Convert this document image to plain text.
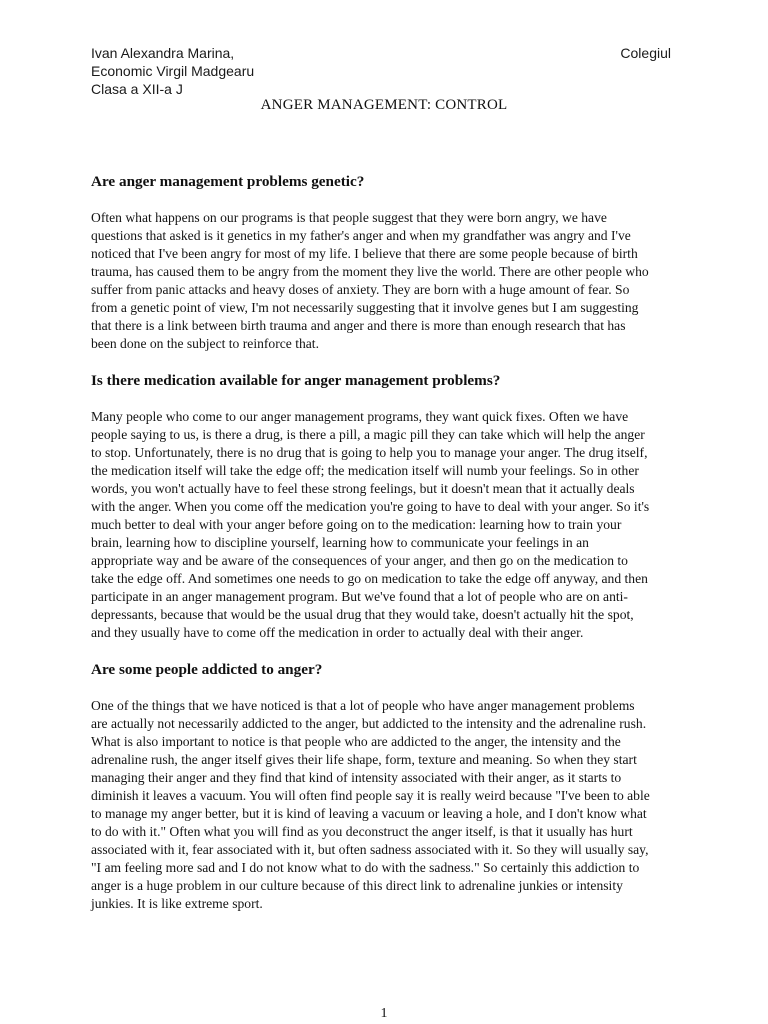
Ivan Alexandra Marina,	Colegiul
Economic Virgil Madgearu
Clasa a XII-a J
ANGER MANAGEMENT: CONTROL
Are anger management problems genetic?

Often what happens on our programs is that people suggest that they were born angry, we have questions that asked is it genetics in my father's anger and when my grandfather was angry and I've noticed that I've been angry for most of my life. I believe that there are some people because of birth trauma, has caused them to be angry from the moment they live the world. There are other people who suffer from panic attacks and heavy doses of anxiety. They are born with a huge amount of fear. So from a genetic point of view, I'm not necessarily suggesting that it involve genes but I am suggesting that there is a link between birth trauma and anger and there is more than enough research that has been done on the subject to reinforce that.

Is there medication available for anger management problems?

Many people who come to our anger management programs, they want quick fixes. Often we have people saying to us, is there a drug, is there a pill, a magic pill they can take which will help the anger to stop. Unfortunately, there is no drug that is going to help you to manage your anger. The drug itself, the medication itself will take the edge off; the medication itself will numb your feelings. So in other words, you won't actually have to feel these strong feelings, but it doesn't mean that it actually deals with the anger. When you come off the medication you're going to have to deal with your anger. So it's much better to deal with your anger before going on to the medication: learning how to train your brain, learning how to discipline yourself, learning how to communicate your feelings in an appropriate way and be aware of the consequences of your anger, and then go on the medication to take the edge off. And sometimes one needs to go on medication to take the edge off anyway, and then participate in an anger management program. But we've found that a lot of people who are on anti-depressants, because that would be the usual drug that they would take, doesn't actually hit the spot, and they usually have to come off the medication in order to actually deal with their anger.

Are some people addicted to anger?

One of the things that we have noticed is that a lot of people who have anger management problems are actually not necessarily addicted to the anger, but addicted to the intensity and the adrenaline rush. What is also important to notice is that people who are addicted to the anger, the intensity and the adrenaline rush, the anger itself gives their life shape, form, texture and meaning. So when they start managing their anger and they find that kind of intensity associated with their anger, as it starts to diminish it leaves a vacuum. You will often find people say it is really weird because "I've been to able to manage my anger better, but it is kind of leaving a vacuum or leaving a hole, and I don't know what to do with it." Often what you will find as you deconstruct the anger itself, is that it usually has hurt associated with it, fear associated with it, but often sadness associated with it. So they will usually say, "I am feeling more sad and I do not know what to do with the sadness." So certainly this addiction to anger is a huge problem in our culture because of this direct link to adrenaline junkies or intensity junkies. It is like extreme sport.

1
